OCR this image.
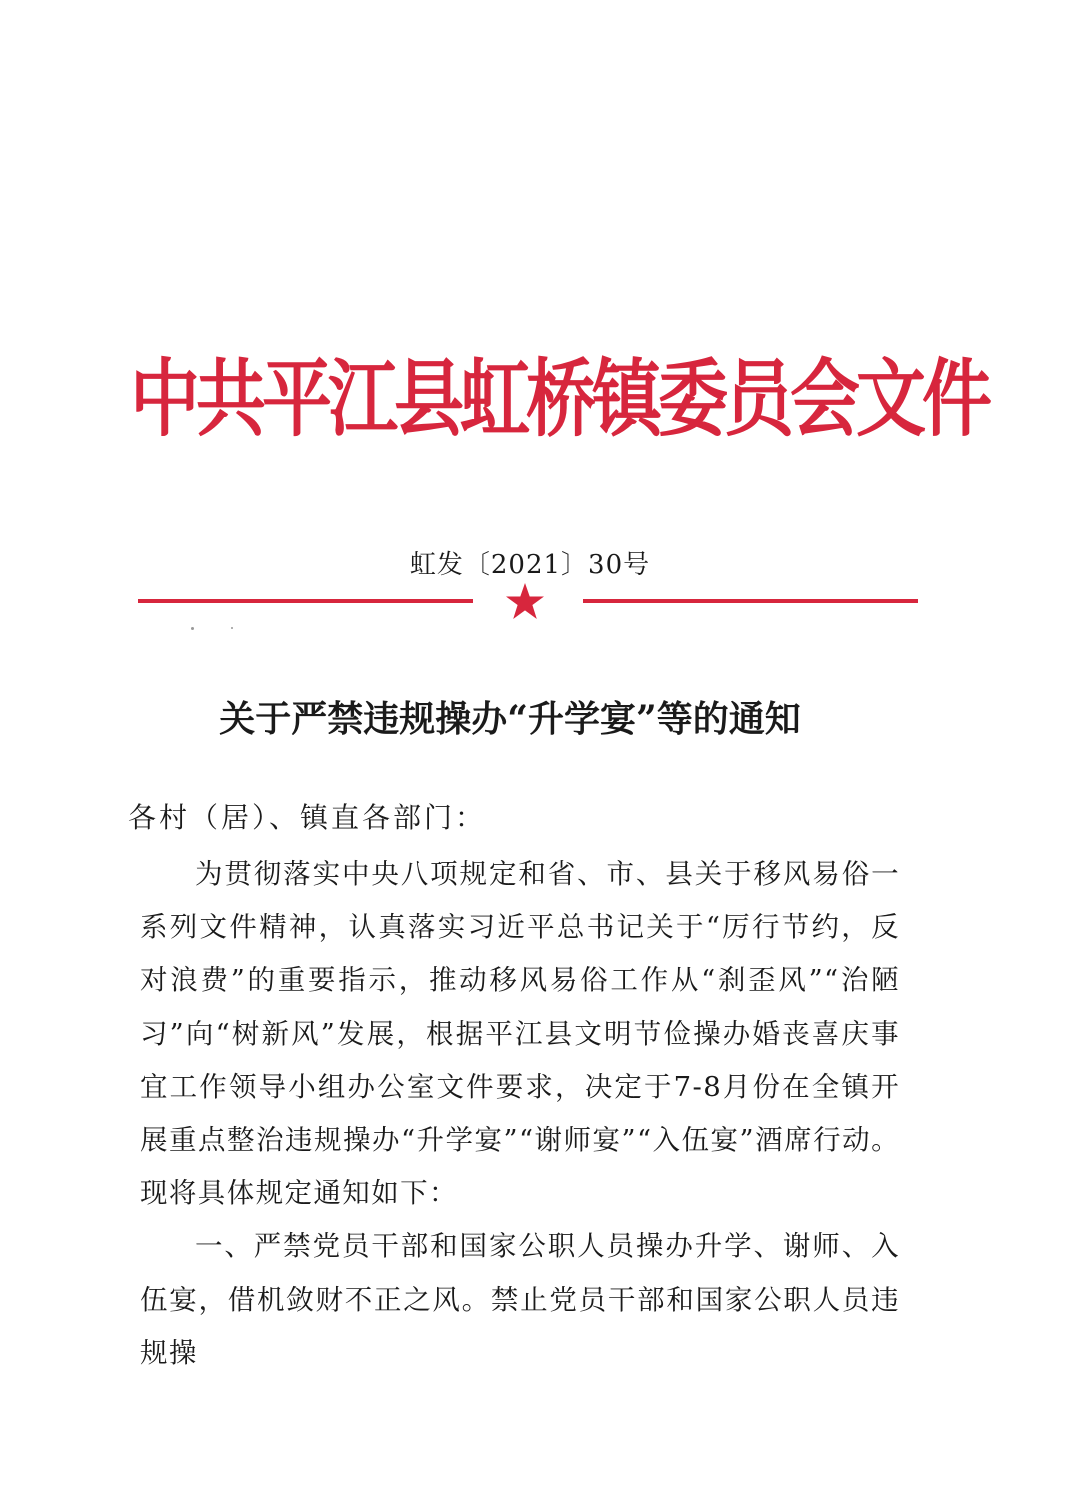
中共平江县虹桥镇委员会文件
虹发〔2021〕30号
关于严禁违规操办“升学宴”等的通知
各村（居）、镇直各部门：

为贯彻落实中央八项规定和省、市、县关于移风易俗一系列文件精神，认真落实习近平总书记关于“厉行节约，反对浪费”的重要指示，推动移风易俗工作从“刹歪风”“治陋习”向“树新风”发展，根据平江县文明节俭操办婚丧喜庆事宜工作领导小组办公室文件要求，决定于7-8月份在全镇开展重点整治违规操办“升学宴”“谢师宴”“入伍宴”酒席行动。现将具体规定通知如下：

一、严禁党员干部和国家公职人员操办升学、谢师、入伍宴，借机敛财不正之风。禁止党员干部和国家公职人员违规操
